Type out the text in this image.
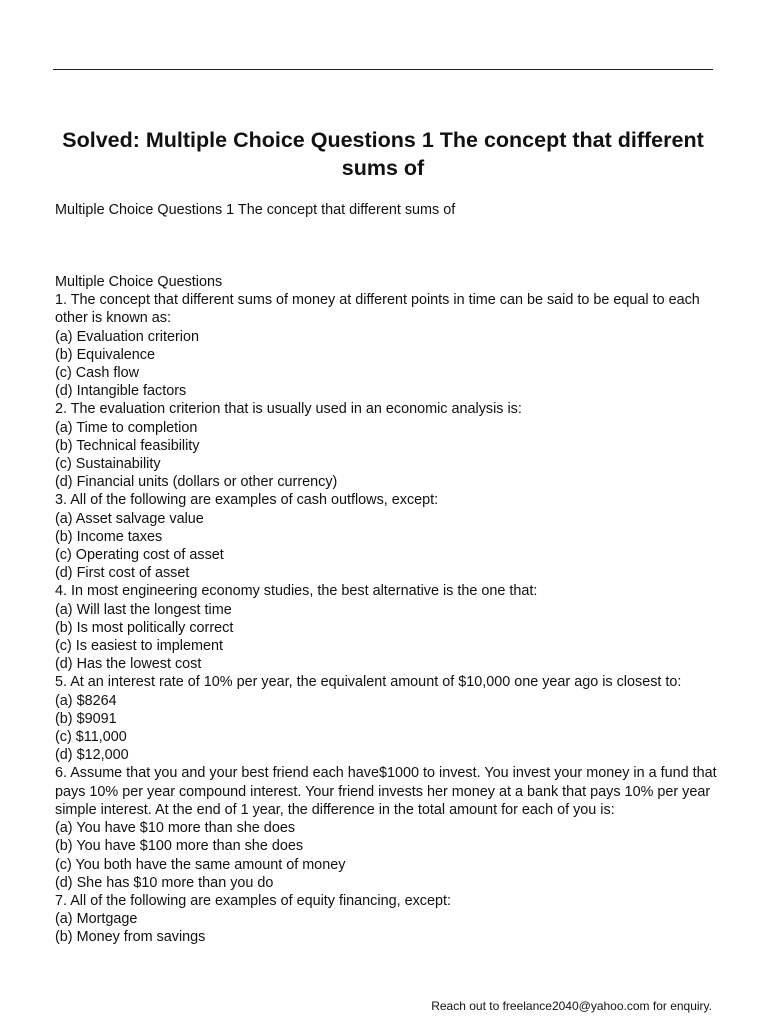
Solved: Multiple Choice Questions 1 The concept that different sums of

Multiple Choice Questions 1 The concept that different sums of

Multiple Choice Questions
1. The concept that different sums of money at different points in time can be said to be equal to each other is known as:
(a) Evaluation criterion
(b) Equivalence
(c) Cash flow
(d) Intangible factors
2. The evaluation criterion that is usually used in an economic analysis is:
(a) Time to completion
(b) Technical feasibility
(c) Sustainability
(d) Financial units (dollars or other currency)
3. All of the following are examples of cash outflows, except:
(a) Asset salvage value
(b) Income taxes
(c) Operating cost of asset
(d) First cost of asset
4. In most engineering economy studies, the best alternative is the one that:
(a) Will last the longest time
(b) Is most politically correct
(c) Is easiest to implement
(d) Has the lowest cost
5. At an interest rate of 10% per year, the equivalent amount of $10,000 one year ago is closest to:
(a) $8264
(b) $9091
(c) $11,000
(d) $12,000
6. Assume that you and your best friend each have$1000 to invest. You invest your money in a fund that pays 10% per year compound interest. Your friend invests her money at a bank that pays 10% per year simple interest. At the end of 1 year, the difference in the total amount for each of you is:
(a) You have $10 more than she does
(b) You have $100 more than she does
(c) You both have the same amount of money
(d) She has $10 more than you do
7. All of the following are examples of equity financing, except:
(a) Mortgage
(b) Money from savings

Reach out to freelance2040@yahoo.com for enquiry.
